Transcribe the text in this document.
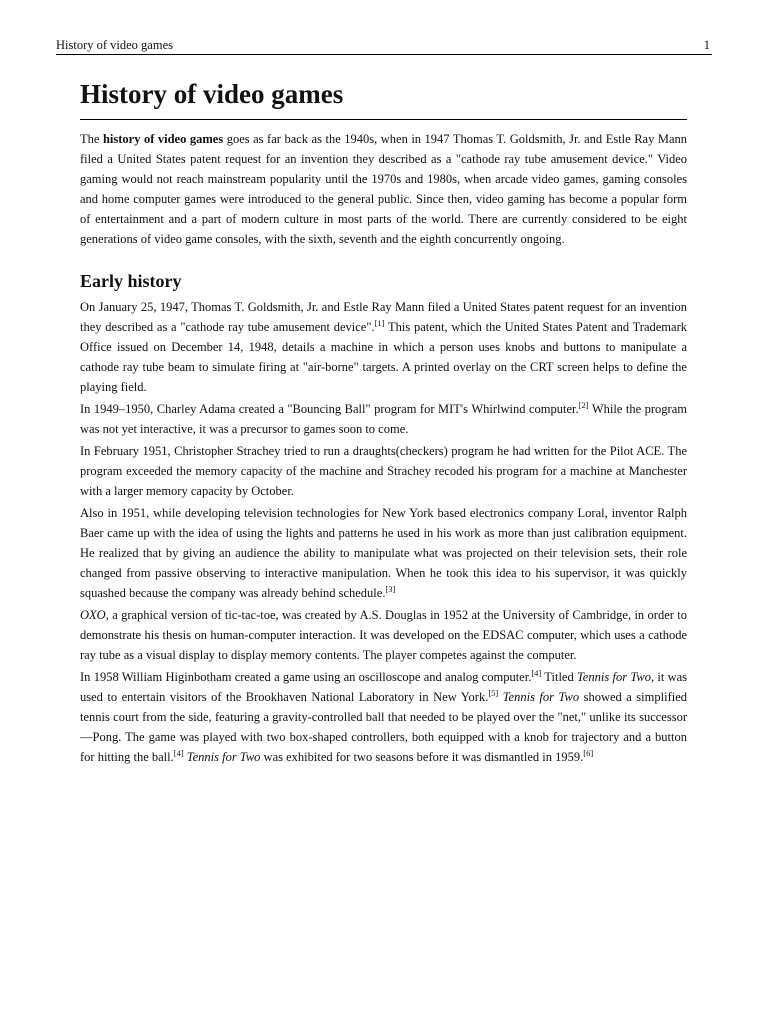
History of video games	1
History of video games

The history of video games goes as far back as the 1940s, when in 1947 Thomas T. Goldsmith, Jr. and Estle Ray Mann filed a United States patent request for an invention they described as a "cathode ray tube amusement device." Video gaming would not reach mainstream popularity until the 1970s and 1980s, when arcade video games, gaming consoles and home computer games were introduced to the general public. Since then, video gaming has become a popular form of entertainment and a part of modern culture in most parts of the world. There are currently considered to be eight generations of video game consoles, with the sixth, seventh and the eighth concurrently ongoing.

Early history

On January 25, 1947, Thomas T. Goldsmith, Jr. and Estle Ray Mann filed a United States patent request for an invention they described as a "cathode ray tube amusement device".[1] This patent, which the United States Patent and Trademark Office issued on December 14, 1948, details a machine in which a person uses knobs and buttons to manipulate a cathode ray tube beam to simulate firing at "air-borne" targets. A printed overlay on the CRT screen helps to define the playing field.

In 1949‒1950, Charley Adama created a "Bouncing Ball" program for MIT's Whirlwind computer.[2] While the program was not yet interactive, it was a precursor to games soon to come.

In February 1951, Christopher Strachey tried to run a draughts(checkers) program he had written for the Pilot ACE. The program exceeded the memory capacity of the machine and Strachey recoded his program for a machine at Manchester with a larger memory capacity by October.

Also in 1951, while developing television technologies for New York based electronics company Loral, inventor Ralph Baer came up with the idea of using the lights and patterns he used in his work as more than just calibration equipment. He realized that by giving an audience the ability to manipulate what was projected on their television sets, their role changed from passive observing to interactive manipulation. When he took this idea to his supervisor, it was quickly squashed because the company was already behind schedule.[3]

OXO, a graphical version of tic-tac-toe, was created by A.S. Douglas in 1952 at the University of Cambridge, in order to demonstrate his thesis on human-computer interaction. It was developed on the EDSAC computer, which uses a cathode ray tube as a visual display to display memory contents. The player competes against the computer.

In 1958 William Higinbotham created a game using an oscilloscope and analog computer.[4] Titled Tennis for Two, it was used to entertain visitors of the Brookhaven National Laboratory in New York.[5] Tennis for Two showed a simplified tennis court from the side, featuring a gravity-controlled ball that needed to be played over the "net," unlike its successor—Pong. The game was played with two box-shaped controllers, both equipped with a knob for trajectory and a button for hitting the ball.[4] Tennis for Two was exhibited for two seasons before it was dismantled in 1959.[6]
